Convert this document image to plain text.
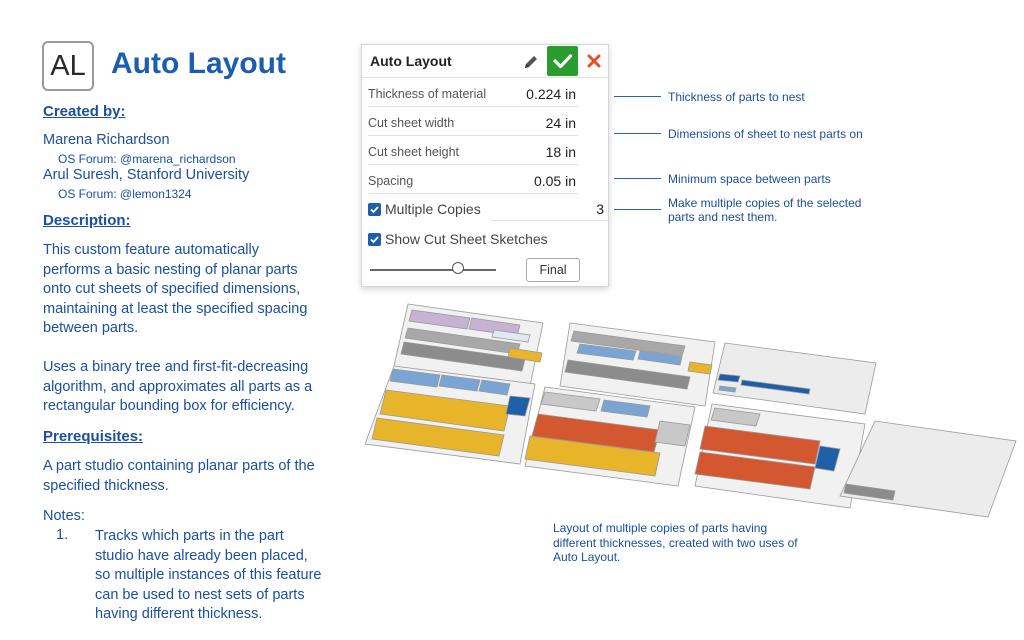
AL Auto Layout
Created by:
Marena Richardson
OS Forum: @marena_richardson
Arul Suresh, Stanford University
OS Forum: @lemon1324
Description:
This custom feature automatically
performs a basic nesting of planar parts
onto cut sheets of specified dimensions,
maintaining at least the specified spacing
between parts.
Uses a binary tree and first-fit-decreasing
algorithm, and approximates all parts as a
rectangular bounding box for efficiency.
Prerequisites:
A part studio containing planar parts of the
specified thickness.
Notes:
1. Tracks which parts in the part
studio have already been placed,
so multiple instances of this feature
can be used to nest sets of parts
having different thickness.
Auto Layout
Thickness of material	0.224 in
Cut sheet width	24 in
Cut sheet height	18 in
Spacing	0.05 in
Multiple Copies	3
Show Cut Sheet Sketches
Final
Thickness of parts to nest
Dimensions of sheet to nest parts on
Minimum space between parts
Make multiple copies of the selected
parts and nest them.
Layout of multiple copies of parts having
different thicknesses, created with two uses of
Auto Layout.
